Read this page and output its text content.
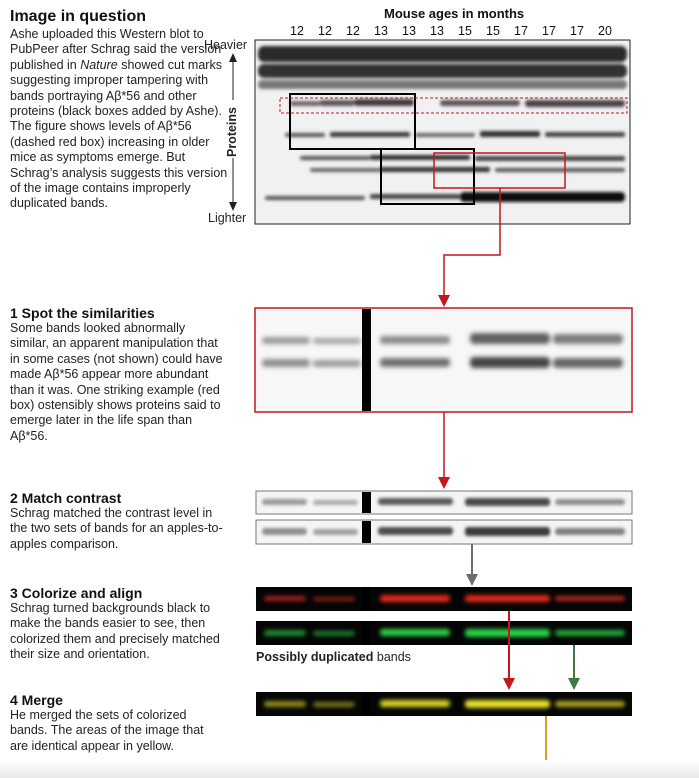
Image in question
Ashe uploaded this Western blot to PubPeer after Schrag said the version published in Nature showed cut marks suggesting improper tampering with bands portraying Aβ*56 and other proteins (black boxes added by Ashe). The figure shows levels of Aβ*56 (dashed red box) increasing in older mice as symptoms emerge. But Schrag’s analysis suggests this version of the image contains improperly duplicated bands.
1 Spot the similarities
Some bands looked abnormally similar, an apparent manipulation that in some cases (not shown) could have made Aβ*56 appear more abundant than it was. One striking example (red box) ostensibly shows proteins said to emerge later in the life span than Aβ*56.
2 Match contrast
Schrag matched the contrast level in the two sets of bands for an apples-to-apples comparison.
3 Colorize and align
Schrag turned backgrounds black to make the bands easier to see, then colorized them and precisely matched their size and orientation.
4 Merge
He merged the sets of colorized bands. The areas of the image that are identical appear in yellow.
Mouse ages in months
12	12	12	13	13	13	15	15	17	17	17	20
Heavier
Lighter
Proteins
Possibly duplicated bands
